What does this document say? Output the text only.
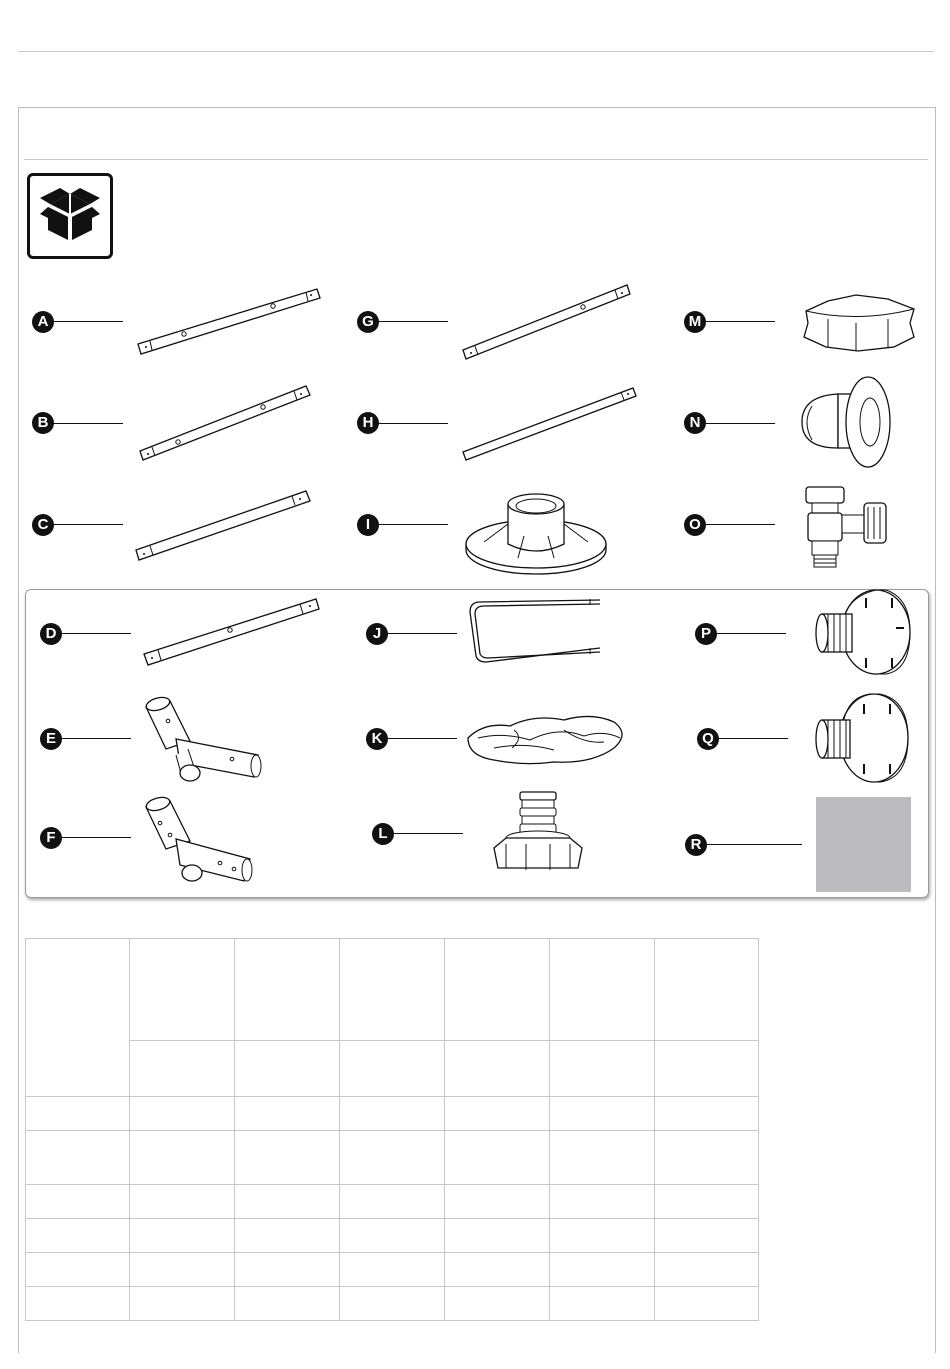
A
B
C
G
H
I
M
N
O
D
E
F
J
K
L
P
Q
R
